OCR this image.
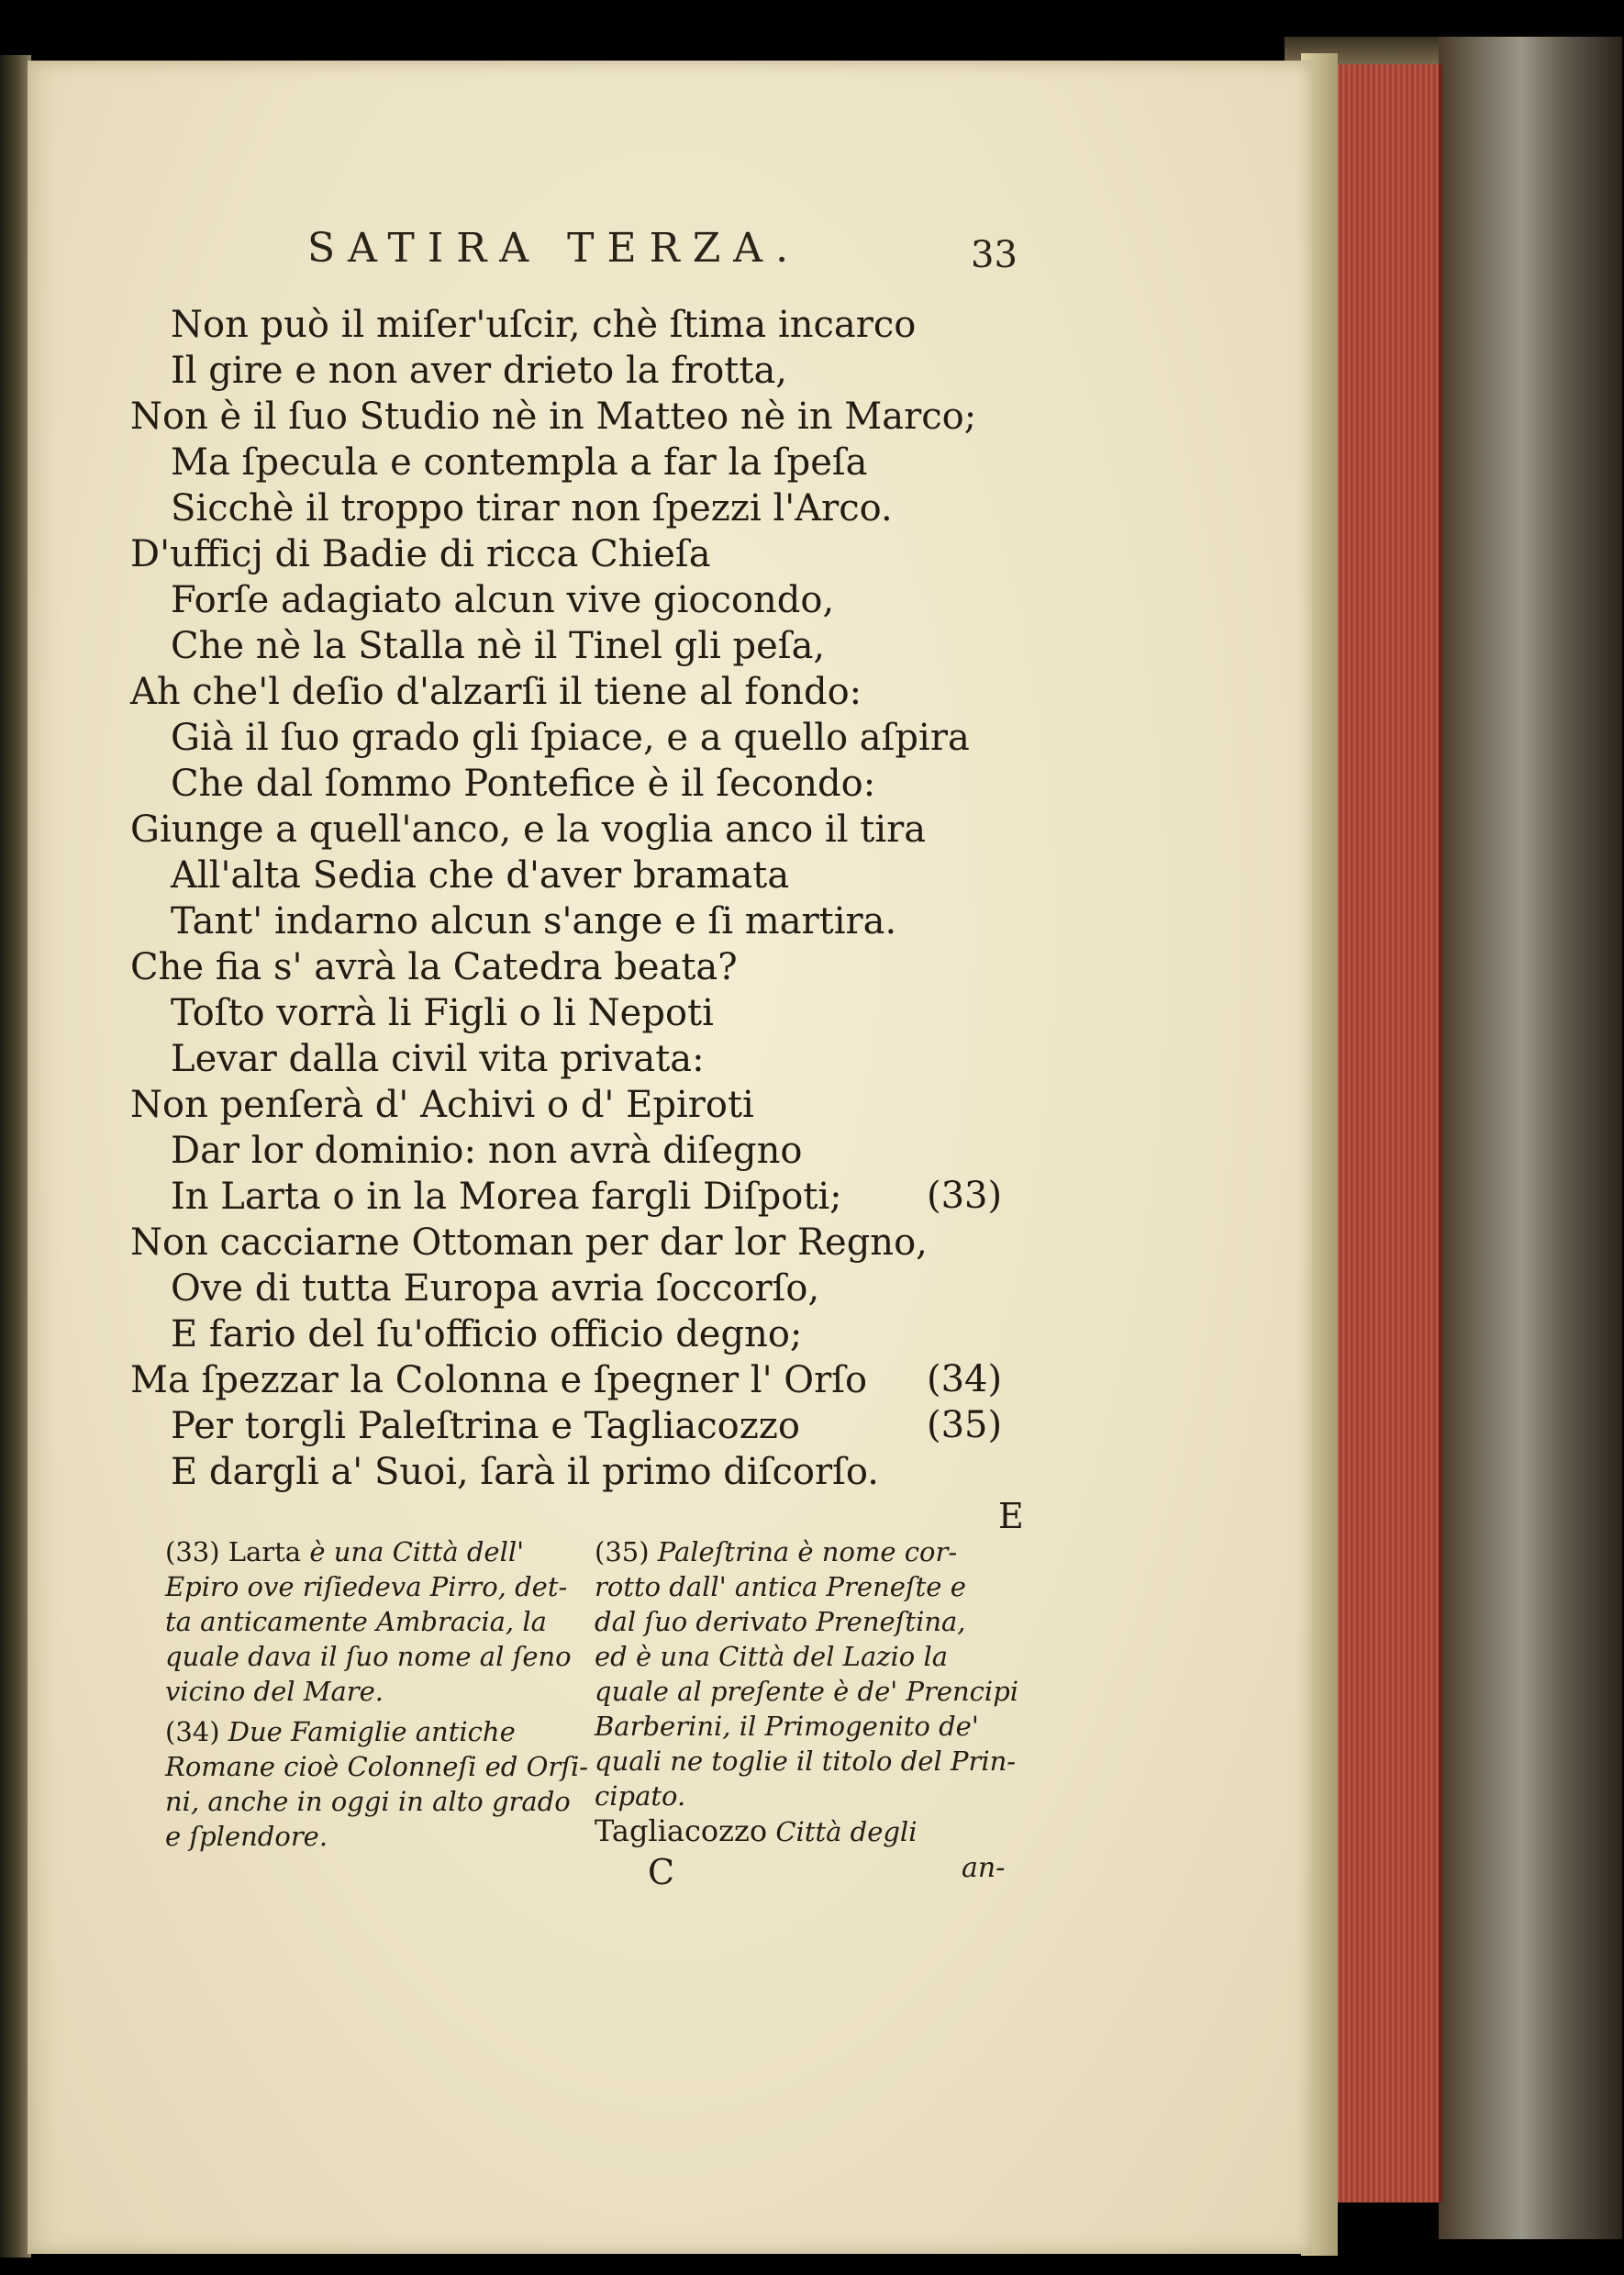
SATIRA TERZA.	33
Non può il miſer'uſcir, chè ſtima incarco
Il gire e non aver drieto la frotta,
Non è il ſuo Studio nè in Matteo nè in Marco;
Ma ſpecula e contempla a far la ſpeſa
Sicchè il troppo tirar non ſpezzi l'Arco.
D'ufficj di Badie di ricca Chieſa
Forſe adagiato alcun vive giocondo,
Che nè la Stalla nè il Tinel gli peſa,
Ah che'l deſio d'alzarſi il tiene al fondo:
Già il ſuo grado gli ſpiace, e a quello aſpira
Che dal ſommo Pontefice è il ſecondo:
Giunge a quell'anco, e la voglia anco il tira
All'alta Sedia che d'aver bramata
Tant' indarno alcun s'ange e ſi martira.
Che fia s' avrà la Catedra beata?
Toſto vorrà li Figli o li Nepoti
Levar dalla civil vita privata:
Non penſerà d' Achivi o d' Epiroti
Dar lor dominio: non avrà diſegno
In Larta o in la Morea fargli Diſpoti;
Non cacciarne Ottoman per dar lor Regno,
Ove di tutta Europa avria ſoccorſo,
E fario del ſu'officio officio degno;
Ma ſpezzar la Colonna e ſpegner l' Orſo
Per torgli Paleſtrina e Tagliacozzo
E dargli a' Suoi, ſarà il primo diſcorſo.
(33)
(34)
(35)
E
(33) Larta è una Città dell'
Epiro ove riſiedeva Pirro, det-
ta anticamente Ambracia, la
quale dava il ſuo nome al ſeno
vicino del Mare.
(34) Due Famiglie antiche
Romane cioè Colonneſi ed Orſi-
ni, anche in oggi in alto grado
e ſplendore.
(35) Paleſtrina è nome cor-
rotto dall' antica Preneſte e
dal ſuo derivato Preneſtina,
ed è una Città del Lazio la
quale al preſente è de' Prencipi
Barberini, il Primogenito de'
quali ne toglie il titolo del Prin-
cipato.
Tagliacozzo Città degli
C	an-
